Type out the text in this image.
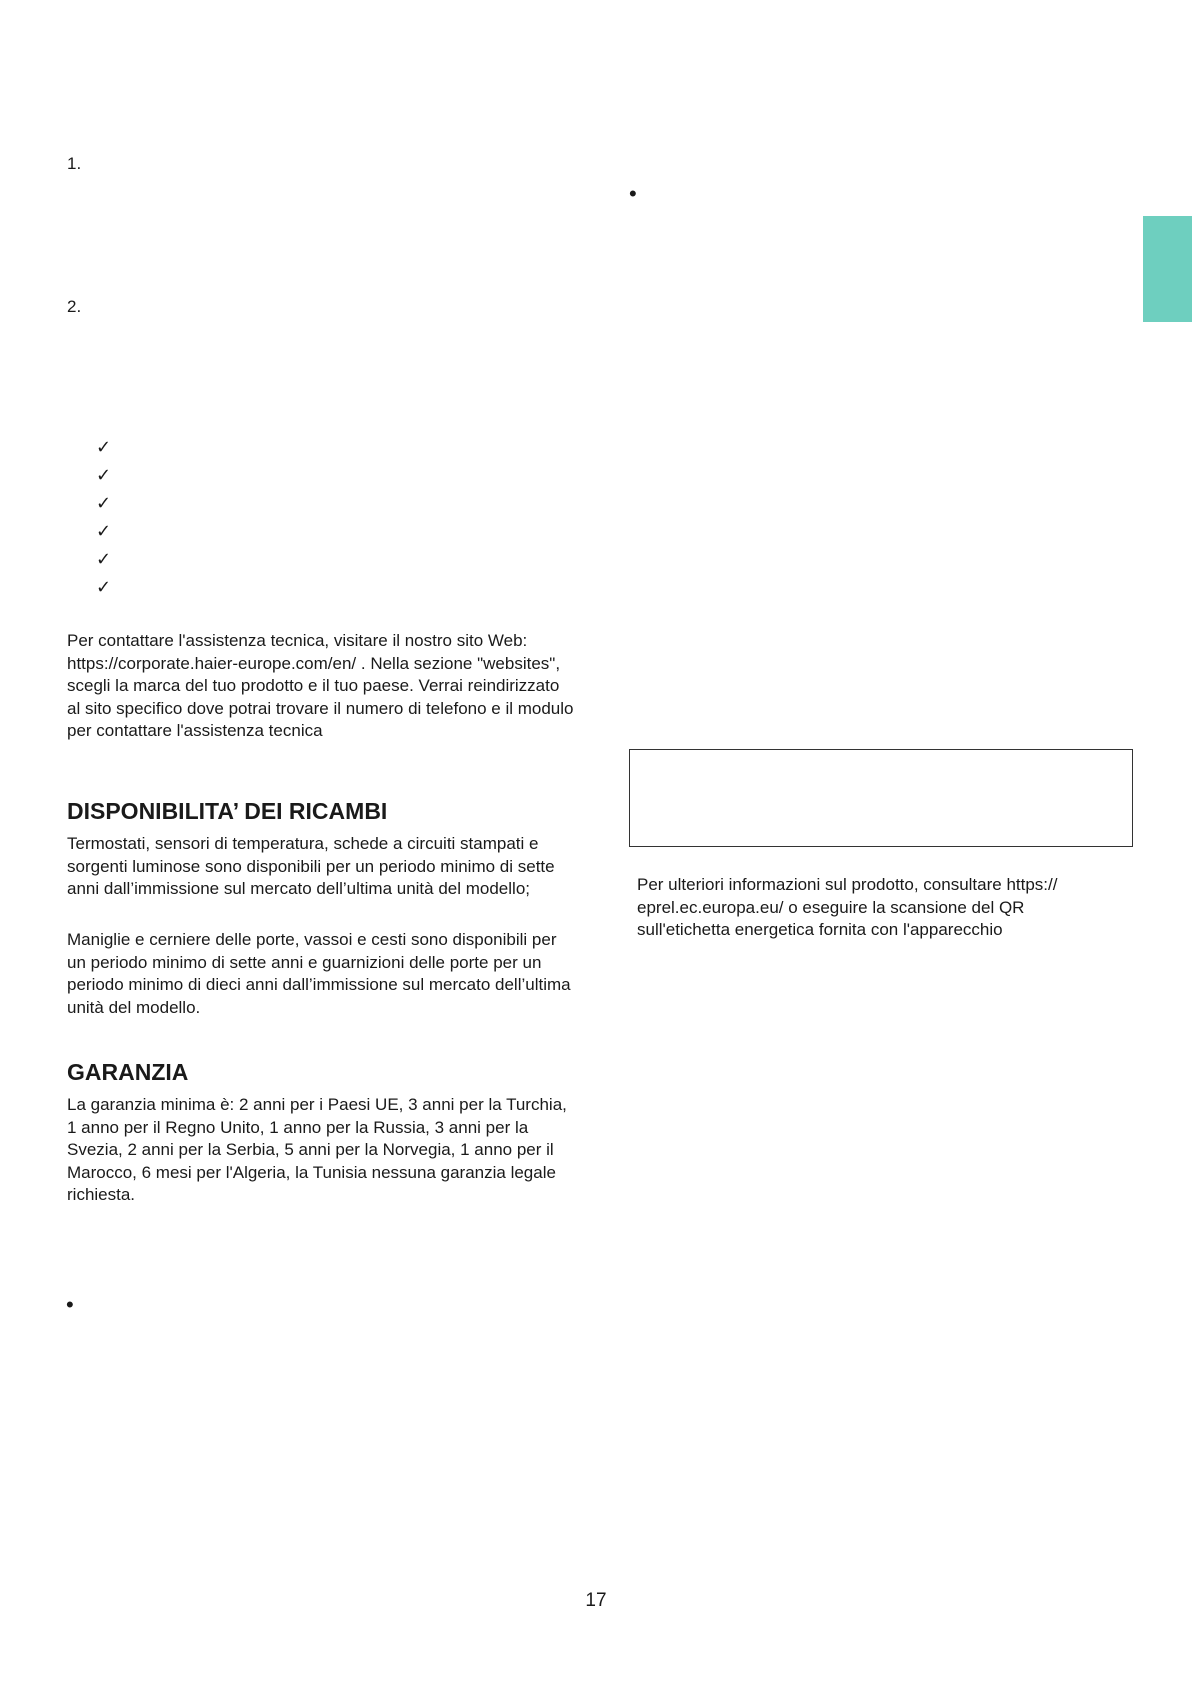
1.
2.
✓
✓
✓
✓
✓
✓

Per contattare l'assistenza tecnica, visitare il nostro sito Web: https://corporate.haier-europe.com/en/ . Nella sezione "websites", scegli la marca del tuo prodotto e il tuo paese. Verrai reindirizzato al sito specifico dove potrai trovare il numero di telefono e il modulo per contattare l'assistenza tecnica

DISPONIBILITA’ DEI RICAMBI

Termostati, sensori di temperatura, schede a circuiti stampati e sorgenti luminose sono disponibili per un periodo minimo di sette anni dall’immissione sul mercato dell’ultima unità del modello;

Maniglie e cerniere delle porte, vassoi e cesti sono disponibili per un periodo minimo di sette anni e guarnizioni delle porte per un periodo minimo di dieci anni dall’immissione sul mercato dell’ultima unità del modello.

GARANZIA

La garanzia minima è: 2 anni per i Paesi UE, 3 anni per la Turchia, 1 anno per il Regno Unito, 1 anno per la Russia, 3 anni per la Svezia, 2 anni per la Serbia, 5 anni per la Norvegia, 1 anno per il Marocco, 6 mesi per l'Algeria, la Tunisia nessuna garanzia legale richiesta.

•
•

Per ulteriori informazioni sul prodotto, consultare https:// eprel.ec.europa.eu/ o eseguire la scansione del QR sull'etichetta energetica fornita con l'apparecchio

17
